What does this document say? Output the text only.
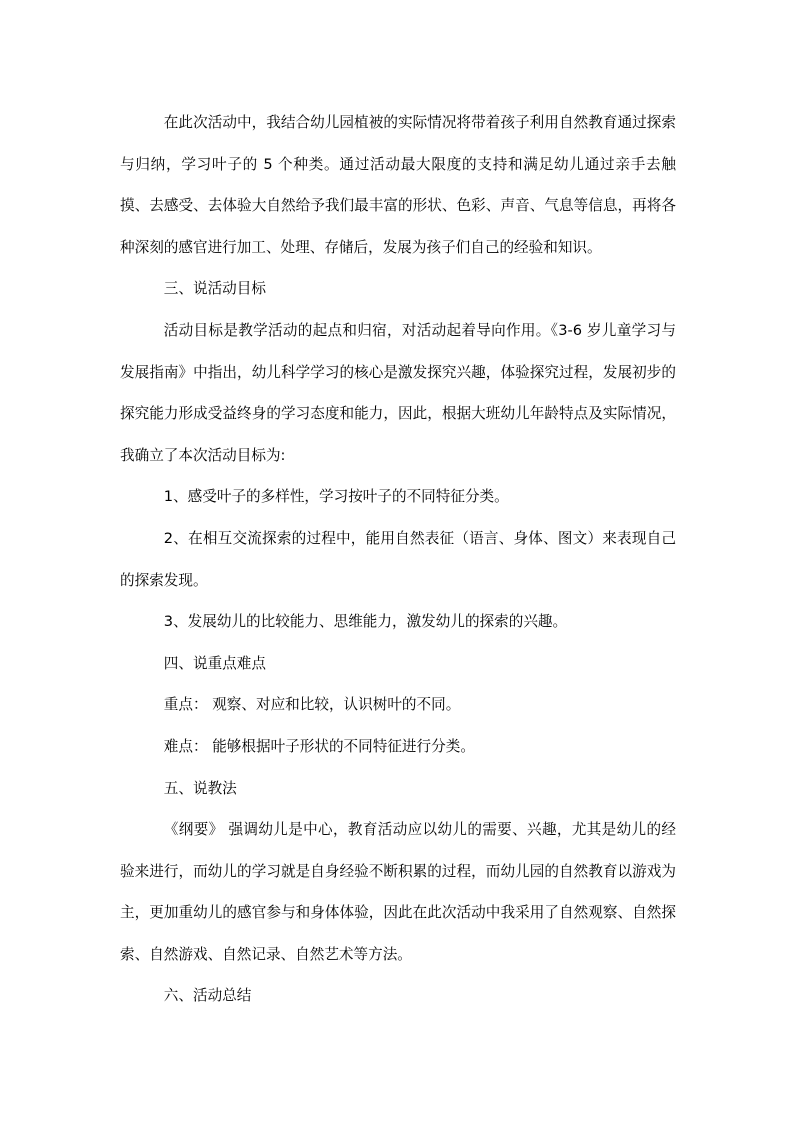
在此次活动中，我结合幼儿园植被的实际情况将带着孩子利用自然教育通过探索与归纳，学习叶子的 5 个种类。通过活动最大限度的支持和满足幼儿通过亲手去触摸、去感受、去体验大自然给予我们最丰富的形状、色彩、声音、气息等信息，再将各种深刻的感官进行加工、处理、存储后，发展为孩子们自己的经验和知识。

三、说活动目标

活动目标是教学活动的起点和归宿，对活动起着导向作用。《3-6 岁儿童学习与发展指南》中指出，幼儿科学学习的核心是激发探究兴趣，体验探究过程，发展初步的探究能力形成受益终身的学习态度和能力，因此，根据大班幼儿年龄特点及实际情况，我确立了本次活动目标为:

1、感受叶子的多样性，学习按叶子的不同特征分类。

2、在相互交流探索的过程中，能用自然表征（语言、身体、图文）来表现自己的探索发现。

3、发展幼儿的比较能力、思维能力，激发幼儿的探索的兴趣。

四、说重点难点

重点： 观察、对应和比较，认识树叶的不同。

难点： 能够根据叶子形状的不同特征进行分类。

五、说教法

《纲要》 强调幼儿是中心，教育活动应以幼儿的需要、兴趣，尤其是幼儿的经验来进行，而幼儿的学习就是自身经验不断积累的过程，而幼儿园的自然教育以游戏为主，更加重幼儿的感官参与和身体体验，因此在此次活动中我采用了自然观察、自然探索、自然游戏、自然记录、自然艺术等方法。

六、活动总结
